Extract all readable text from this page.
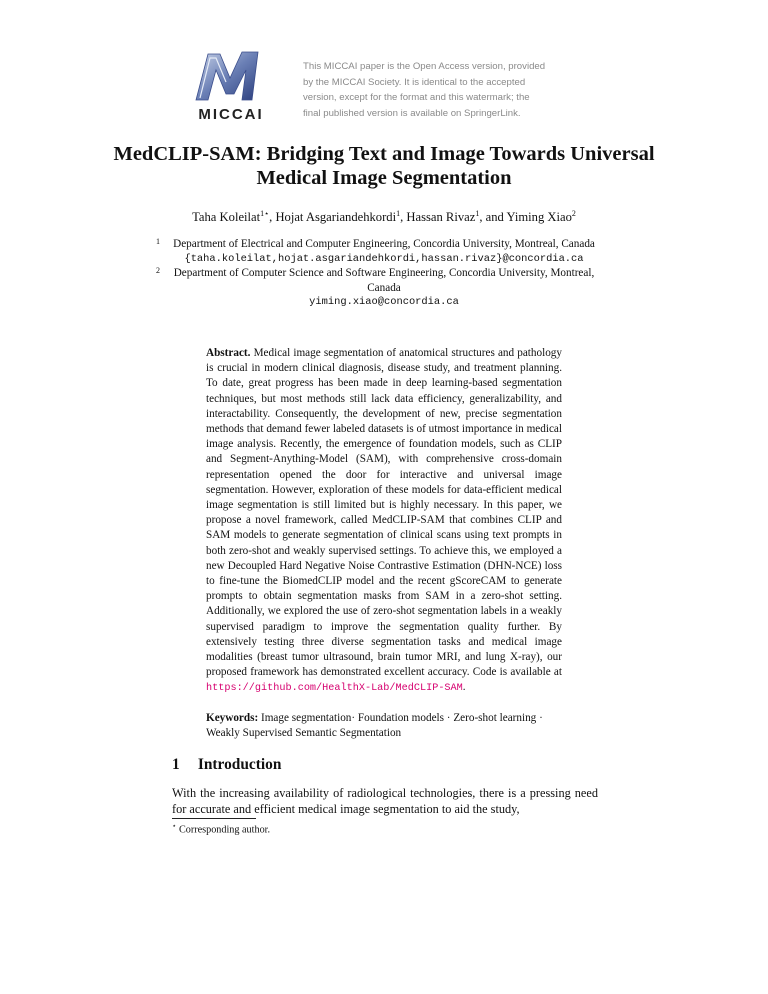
MICCAI
This MICCAI paper is the Open Access version, provided
by the MICCAI Society. It is identical to the accepted
version, except for the format and this watermark; the
final published version is available on SpringerLink.
MedCLIP-SAM: Bridging Text and Image Towards Universal Medical Image Segmentation
Taha Koleilat$^{1⋆}$, Hojat Asgariandehkordi$^1$, Hassan Rivaz$^1$, and Yiming Xiao$^2$
1	Department of Electrical and Computer Engineering, Concordia University, Montreal, Canada
{taha.koleilat,hojat.asgariandehkordi,hassan.rivaz}@concordia.ca
2	Department of Computer Science and Software Engineering, Concordia University, Montreal, Canada
yiming.xiao@concordia.ca
Abstract. Medical image segmentation of anatomical structures and pathology is crucial in modern clinical diagnosis, disease study, and treatment planning. To date, great progress has been made in deep learning-based segmentation techniques, but most methods still lack data efficiency, generalizability, and interactability. Consequently, the development of new, precise segmentation methods that demand fewer labeled datasets is of utmost importance in medical image analysis. Recently, the emergence of foundation models, such as CLIP and Segment-Anything-Model (SAM), with comprehensive cross-domain representation opened the door for interactive and universal image segmentation. However, exploration of these models for data-efficient medical image segmentation is still limited but is highly necessary. In this paper, we propose a novel framework, called MedCLIP-SAM that combines CLIP and SAM models to generate segmentation of clinical scans using text prompts in both zero-shot and weakly supervised settings. To achieve this, we employed a new Decoupled Hard Negative Noise Contrastive Estimation (DHN-NCE) loss to fine-tune the BiomedCLIP model and the recent gScoreCAM to generate prompts to obtain segmentation masks from SAM in a zero-shot setting. Additionally, we explored the use of zero-shot segmentation labels in a weakly supervised paradigm to improve the segmentation quality further. By extensively testing three diverse segmentation tasks and medical image modalities (breast tumor ultrasound, brain tumor MRI, and lung X-ray), our proposed framework has demonstrated excellent accuracy. Code is available at https://github.com/HealthX-Lab/MedCLIP-SAM.
Keywords: Image segmentation· Foundation models · Zero-shot learning · Weakly Supervised Semantic Segmentation
1 Introduction
With the increasing availability of radiological technologies, there is a pressing need for accurate and efficient medical image segmentation to aid the study,
⋆ Corresponding author.
